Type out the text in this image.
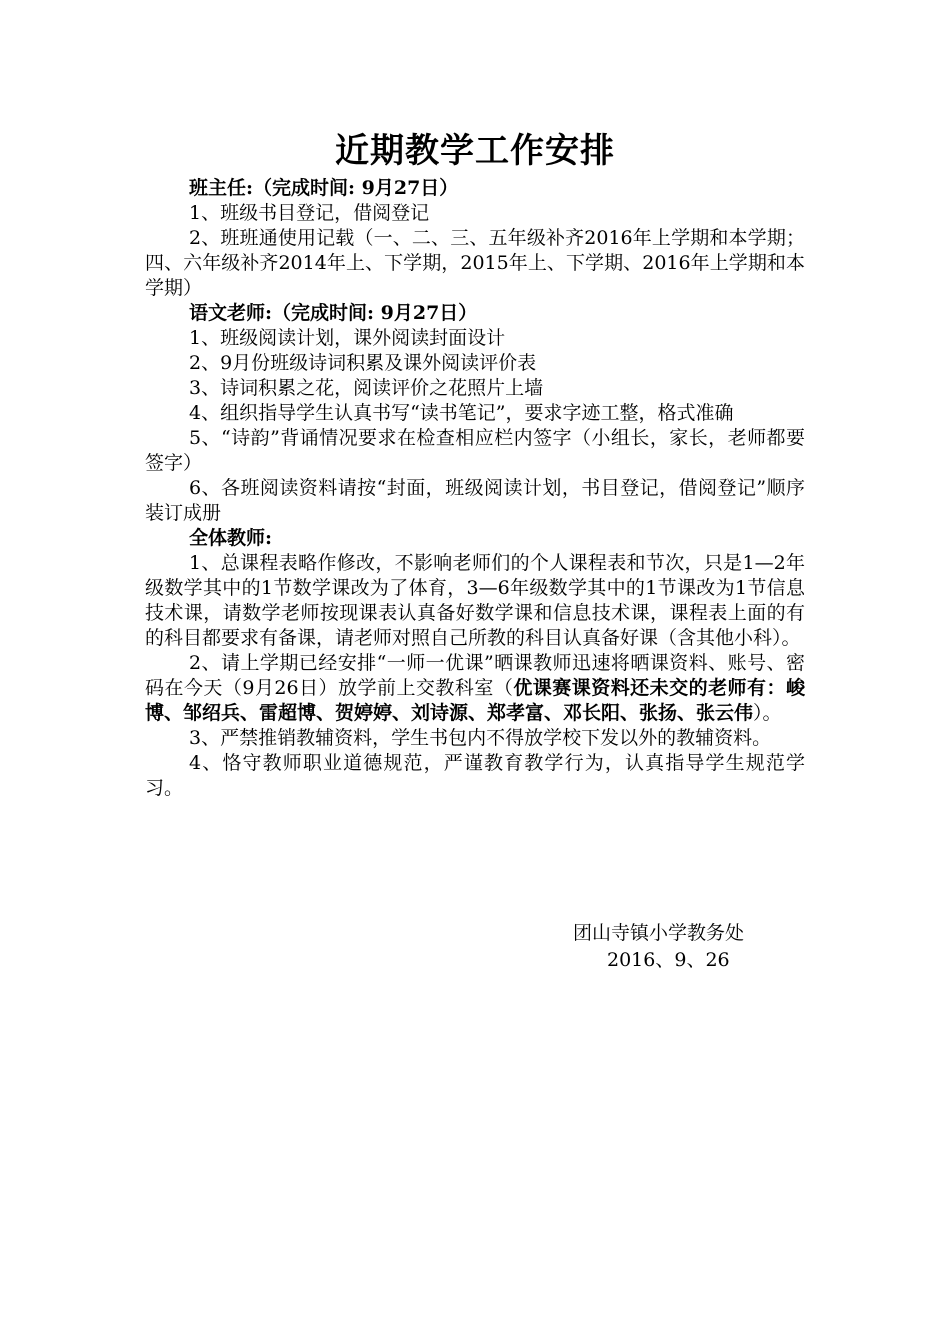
近期教学工作安排

班主任:（完成时间: 9月27日）

1、班级书目登记，借阅登记

2、班班通使用记载（一、二、三、五年级补齐2016年上学期和本学期；四、六年级补齐2014年上、下学期，2015年上、下学期、2016年上学期和本学期）

语文老师:（完成时间: 9月27日）

1、班级阅读计划，课外阅读封面设计

2、9月份班级诗词积累及课外阅读评价表

3、诗词积累之花，阅读评价之花照片上墙

4、组织指导学生认真书写“读书笔记”，要求字迹工整，格式准确

5、“诗韵”背诵情况要求在检查相应栏内签字（小组长，家长，老师都要签字）

6、各班阅读资料请按“封面，班级阅读计划，书目登记，借阅登记”顺序装订成册

全体教师:

1、总课程表略作修改，不影响老师们的个人课程表和节次，只是1—2年级数学其中的1节数学课改为了体育，3—6年级数学其中的1节课改为1节信息技术课，请数学老师按现课表认真备好数学课和信息技术课，课程表上面的有的科目都要求有备课，请老师对照自己所教的科目认真备好课（含其他小科）。

2、请上学期已经安排“一师一优课”晒课教师迅速将晒课资料、账号、密码在今天（9月26日）放学前上交教科室（优课赛课资料还未交的老师有：峻博、邹绍兵、雷超博、贺婷婷、刘诗源、郑孝富、邓长阳、张扬、张云伟）。

3、严禁推销教辅资料，学生书包内不得放学校下发以外的教辅资料。

4、恪守教师职业道德规范，严谨教育教学行为，认真指导学生规范学习。

团山寺镇小学教务处
2016、9、26
